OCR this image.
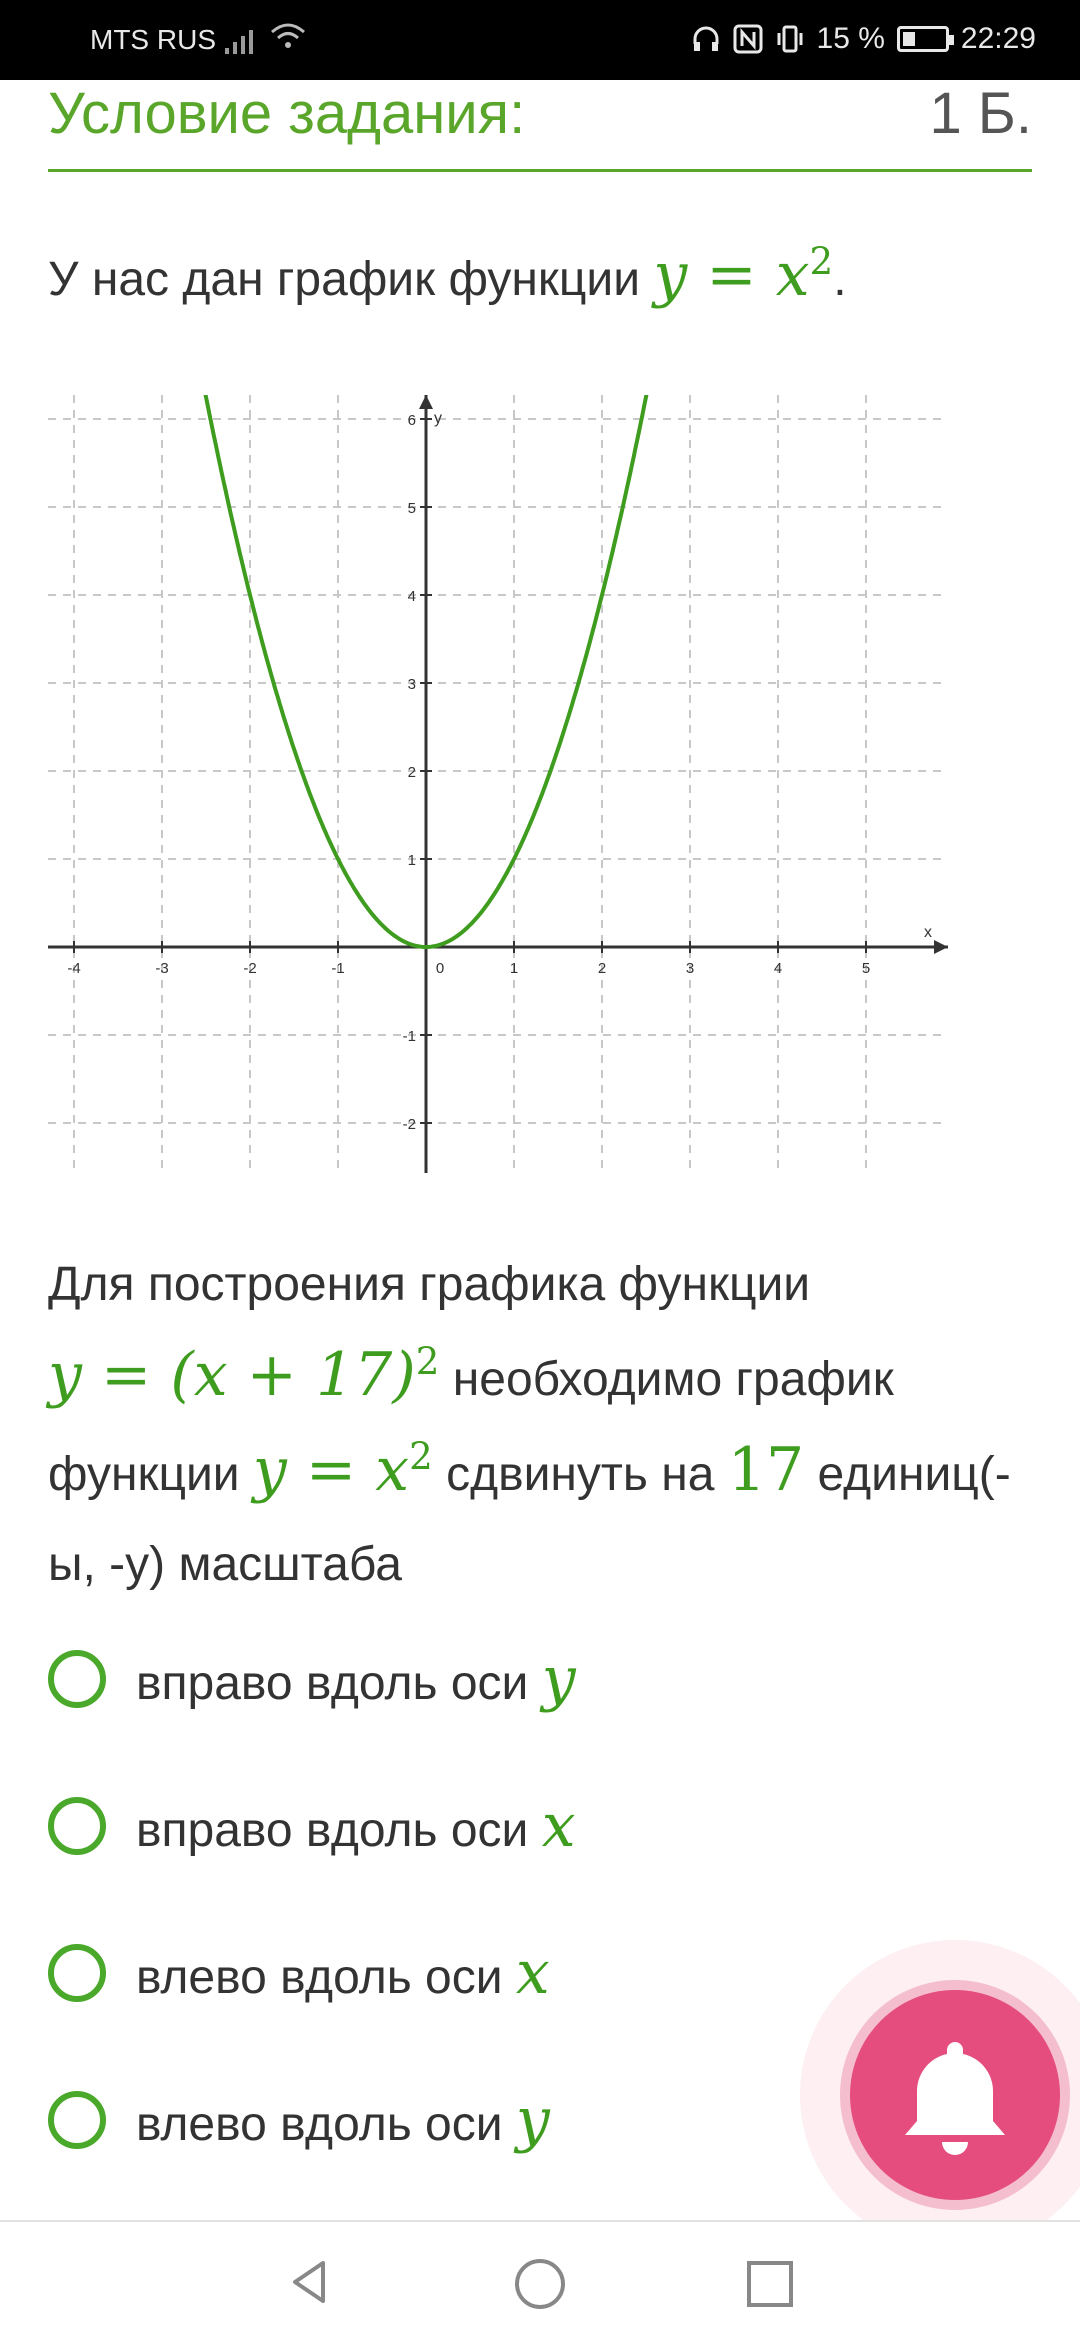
MTS RUS	15 %	22:29
Условие задания:	1 Б.
У нас дан график функции $y = x^2$.
-4	-3	-2	-1	0	1	2	3	4	5
6
5
4
3
2
1
-1
-2
x
y
Для построения графика функции
$y = (x + 17)^2$ необходимо график
функции $y = x^2$ сдвинуть на 17 единиц(-
ы, -у) масштаба
вправо вдоль оси y
вправо вдоль оси x
влево вдоль оси x
влево вдоль оси y
